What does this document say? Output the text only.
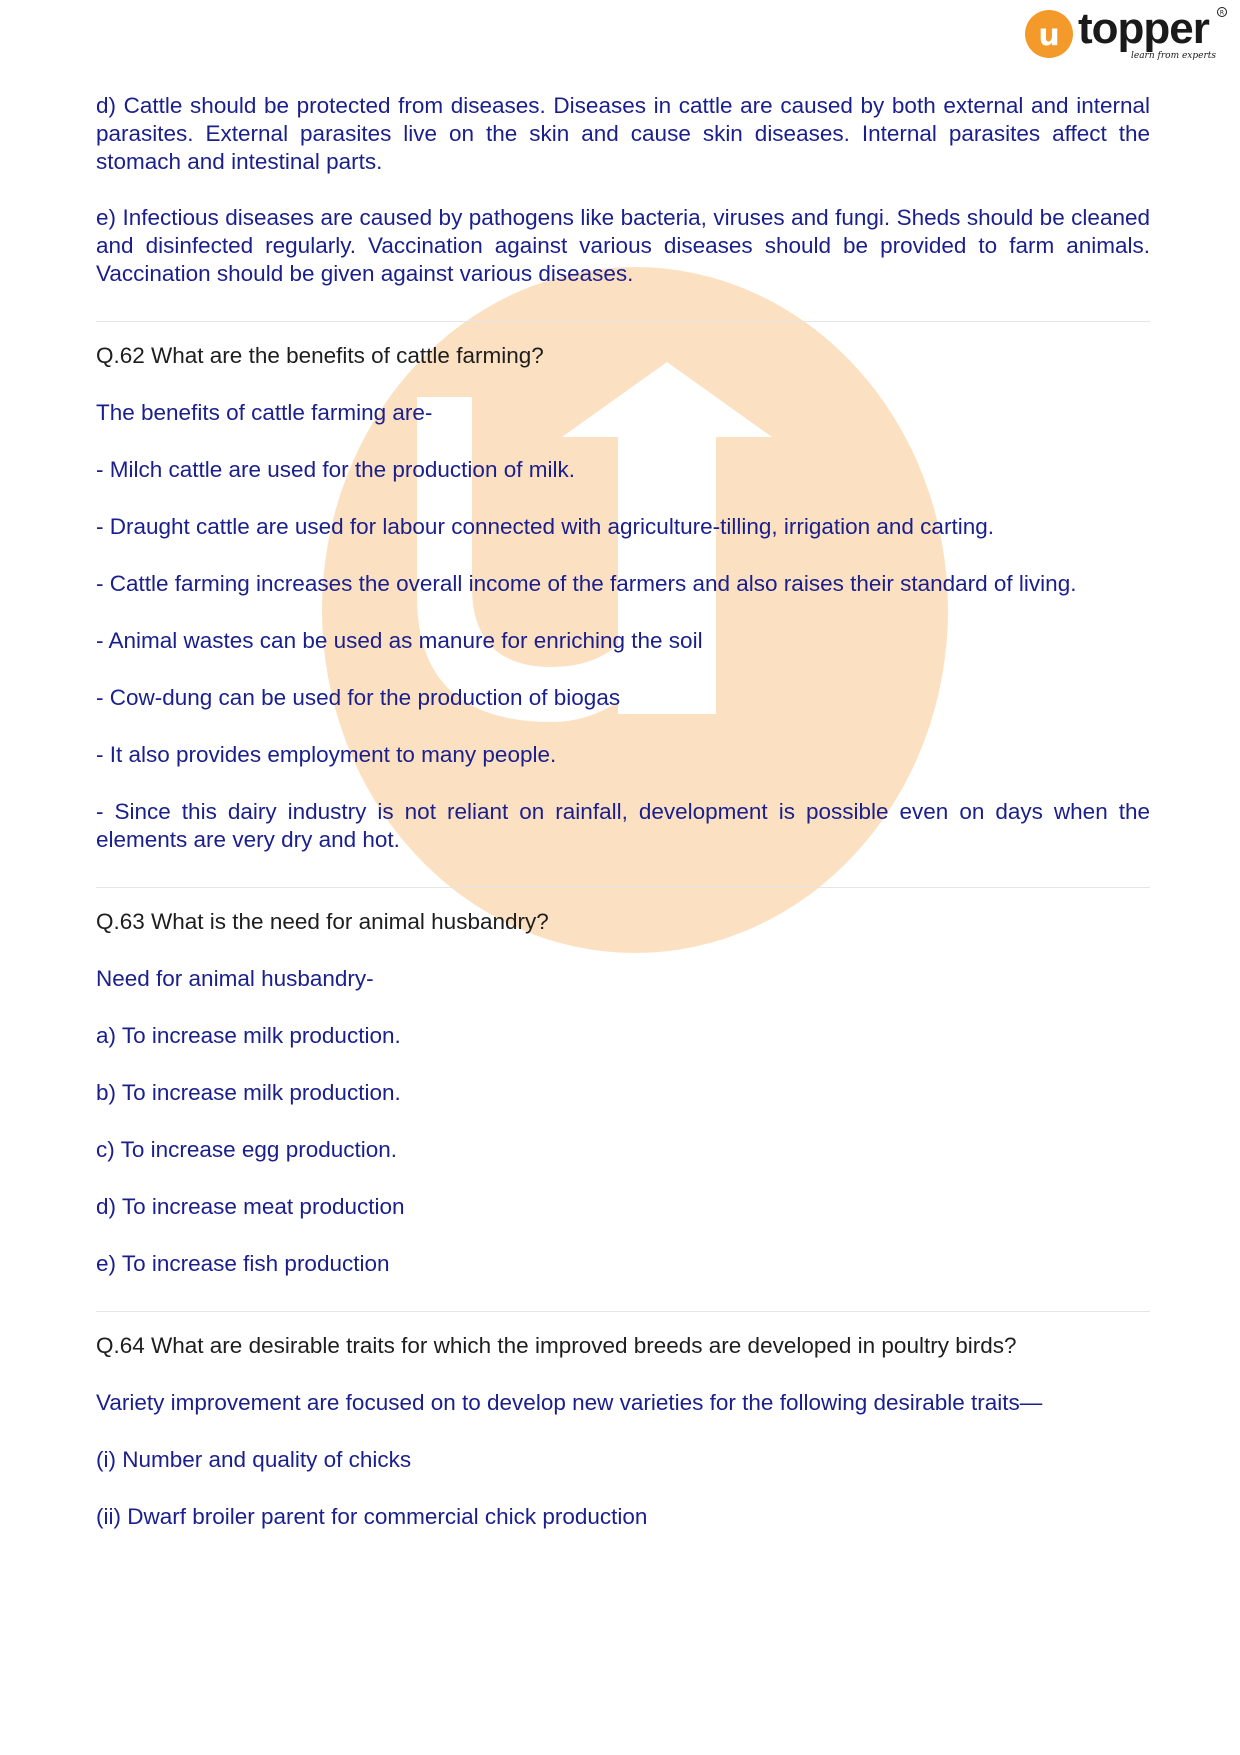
u topper
learn from experts
R

d) Cattle should be protected from diseases. Diseases in cattle are caused by both external and internal parasites. External parasites live on the skin and cause skin diseases. Internal parasites affect the stomach and intestinal parts.

e) Infectious diseases are caused by pathogens like bacteria, viruses and fungi. Sheds should be cleaned and disinfected regularly. Vaccination against various diseases should be provided to farm animals. Vaccination should be given against various diseases.

Q.62 What are the benefits of cattle farming?

The benefits of cattle farming are-

- Milch cattle are used for the production of milk.

- Draught cattle are used for labour connected with agriculture-tilling, irrigation and carting.

- Cattle farming increases the overall income of the farmers and also raises their standard of living.

- Animal wastes can be used as manure for enriching the soil

- Cow-dung can be used for the production of biogas

- It also provides employment to many people.

- Since this dairy industry is not reliant on rainfall, development is possible even on days when the elements are very dry and hot.

Q.63 What is the need for animal husbandry?

Need for animal husbandry-

a) To increase milk production.

b) To increase milk production.

c) To increase egg production.

d) To increase meat production

e) To increase fish production

Q.64 What are desirable traits for which the improved breeds are developed in poultry birds?

Variety improvement are focused on to develop new varieties for the following desirable traits—

(i) Number and quality of chicks

(ii) Dwarf broiler parent for commercial chick production
